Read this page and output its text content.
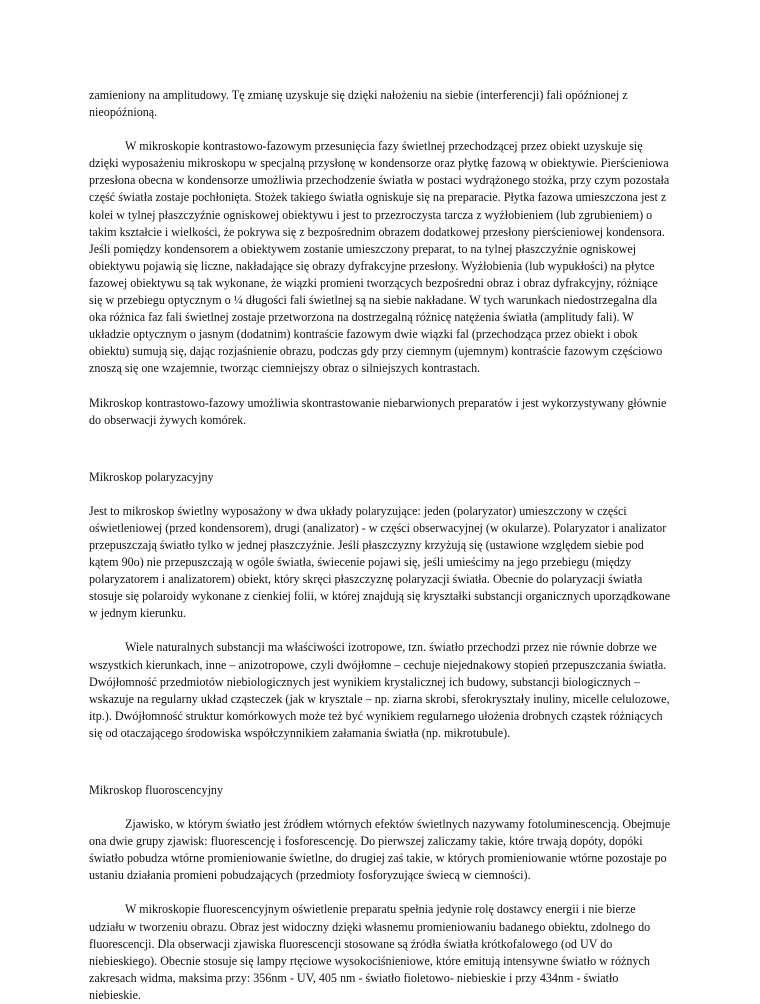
zamieniony na amplitudowy. Tę zmianę uzyskuje się dzięki nałożeniu na siebie (interferencji) fali opóźnionej z nieopóźnioną.

W mikroskopie kontrastowo-fazowym przesunięcia fazy świetlnej przechodzącej przez obiekt uzyskuje się dzięki wyposażeniu mikroskopu w specjalną przysłonę w kondensorze oraz płytkę fazową w obiektywie. Pierścieniowa przesłona obecna w kondensorze umożliwia przechodzenie światła w postaci wydrążonego stożka, przy czym pozostała część światła zostaje pochłonięta. Stożek takiego światła ogniskuje się na preparacie. Płytka fazowa umieszczona jest z kolei w tylnej płaszczyźnie ogniskowej obiektywu i jest to przezroczysta tarcza z wyżłobieniem (lub zgrubieniem) o takim kształcie i wielkości, że pokrywa się z bezpośrednim obrazem dodatkowej przesłony pierścieniowej kondensora. Jeśli pomiędzy kondensorem a obiektywem zostanie umieszczony preparat, to na tylnej płaszczyźnie ogniskowej obiektywu pojawią się liczne, nakładające się obrazy dyfrakcyjne przesłony. Wyżłobienia (lub wypukłości) na płytce fazowej obiektywu są tak wykonane, że wiązki promieni tworzących bezpośredni obraz i obraz dyfrakcyjny, różniące się w przebiegu optycznym o ¼ długości fali świetlnej są na siebie nakładane. W tych warunkach niedostrzegalna dla oka różnica faz fali świetlnej zostaje przetworzona na dostrzegalną różnicę natężenia światła (amplitudy fali). W układzie optycznym o jasnym (dodatnim) kontraście fazowym dwie wiązki fal (przechodząca przez obiekt i obok obiektu) sumują się, dając rozjaśnienie obrazu, podczas gdy przy ciemnym (ujemnym) kontraście fazowym częściowo znoszą się one wzajemnie, tworząc ciemniejszy obraz o silniejszych kontrastach.

Mikroskop kontrastowo-fazowy umożliwia skontrastowanie niebarwionych preparatów i jest wykorzystywany głównie do obserwacji żywych komórek.

Mikroskop polaryzacyjny

Jest to mikroskop świetlny wyposażony w dwa układy polaryzujące: jeden (polaryzator) umieszczony w części oświetleniowej (przed kondensorem), drugi (analizator) - w części obserwacyjnej (w okularze). Polaryzator i analizator przepuszczają światło tylko w jednej płaszczyźnie. Jeśli płaszczyzny krzyżują się (ustawione względem siebie pod kątem 90o) nie przepuszczają w ogóle światła, świecenie pojawi się, jeśli umieścimy na jego przebiegu (między polaryzatorem i analizatorem) obiekt, który skręci płaszczyznę polaryzacji światła. Obecnie do polaryzacji światła stosuje się polaroidy wykonane z cienkiej folii, w której znajdują się kryształki substancji organicznych uporządkowane w jednym kierunku.

Wiele naturalnych substancji ma właściwości izotropowe, tzn. światło przechodzi przez nie równie dobrze we wszystkich kierunkach, inne – anizotropowe, czyli dwójłomne – cechuje niejednakowy stopień przepuszczania światła. Dwójłomność przedmiotów niebiologicznych jest wynikiem krystalicznej ich budowy, substancji biologicznych – wskazuje na regularny układ cząsteczek (jak w krysztale – np. ziarna skrobi, sferokryształy inuliny, micelle celulozowe, itp.). Dwójłomność struktur komórkowych może też być wynikiem regularnego ułożenia drobnych cząstek różniących się od otaczającego środowiska współczynnikiem załamania światła (np. mikrotubule).

Mikroskop fluoroscencyjny

Zjawisko, w którym światło jest źródłem wtórnych efektów świetlnych nazywamy fotoluminescencją. Obejmuje ona dwie grupy zjawisk: fluorescencję i fosforescencję. Do pierwszej zaliczamy takie, które trwają dopóty, dopóki światło pobudza wtórne promieniowanie świetlne, do drugiej zaś takie, w których promieniowanie wtórne pozostaje po ustaniu działania promieni pobudzających (przedmioty fosforyzujące świecą w ciemności).

W mikroskopie fluorescencyjnym oświetlenie preparatu spełnia jedynie rolę dostawcy energii i nie bierze udziału w tworzeniu obrazu. Obraz jest widoczny dzięki własnemu promieniowaniu badanego obiektu, zdolnego do fluorescencji. Dla obserwacji zjawiska fluorescencji stosowane są źródła światła krótkofalowego (od UV do niebieskiego). Obecnie stosuje się lampy rtęciowe wysokociśnieniowe, które emitują intensywne światło w różnych zakresach widma, maksima przy: 356nm - UV, 405 nm - światło fioletowo- niebieskie i przy 434nm - światło niebieskie.
